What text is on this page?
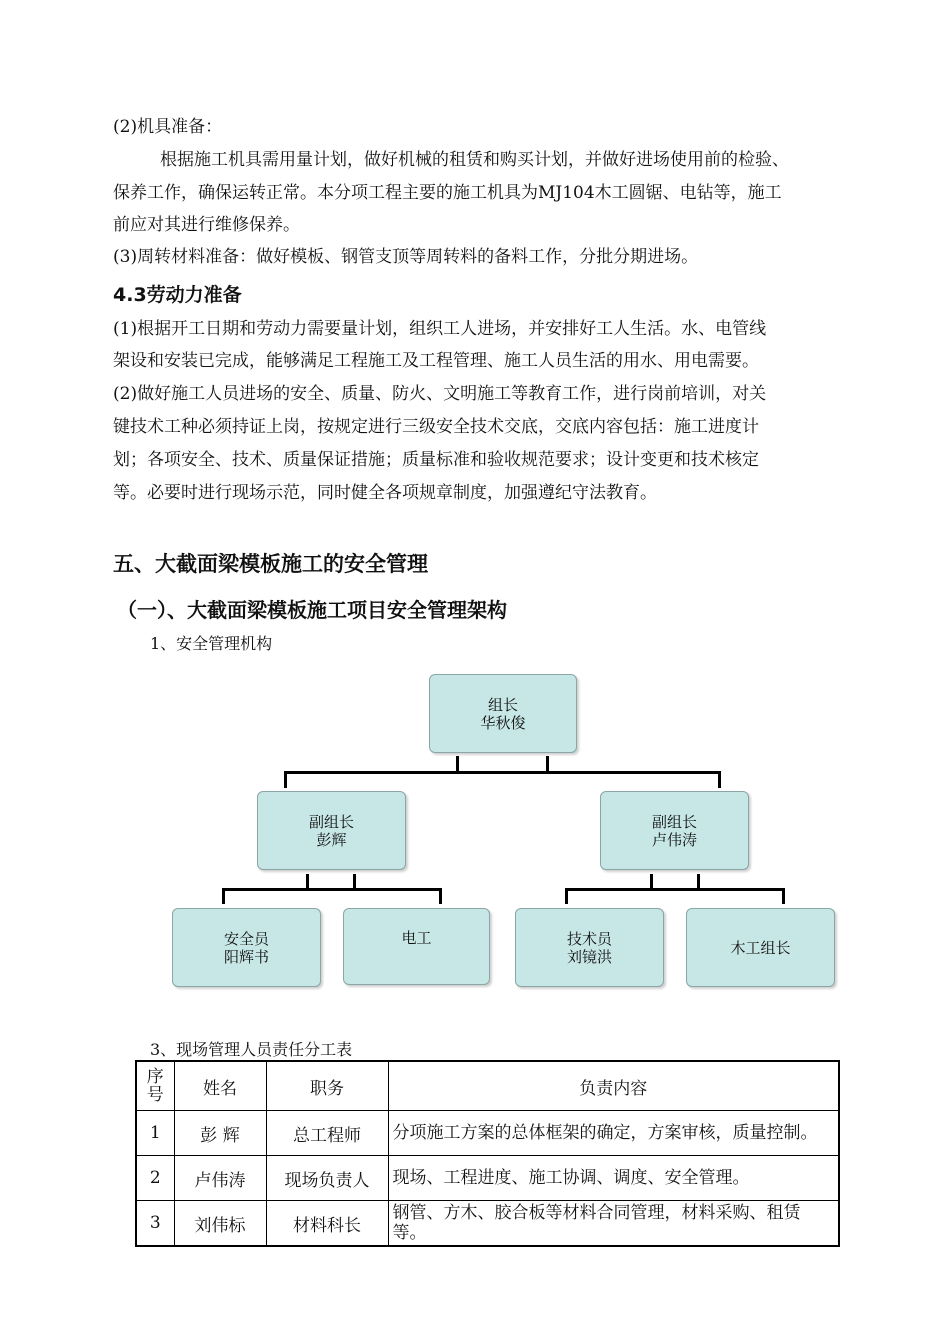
(2)机具准备：
根据施工机具需用量计划，做好机械的租赁和购买计划，并做好进场使用前的检验、
保养工作，确保运转正常。本分项工程主要的施工机具为MJ104木工圆锯、电钻等，施工
前应对其进行维修保养。
(3)周转材料准备：做好模板、钢管支顶等周转料的备料工作，分批分期进场。
4.3劳动力准备
(1)根据开工日期和劳动力需要量计划，组织工人进场，并安排好工人生活。水、电管线
架设和安装已完成，能够满足工程施工及工程管理、施工人员生活的用水、用电需要。
(2)做好施工人员进场的安全、质量、防火、文明施工等教育工作，进行岗前培训，对关
键技术工种必须持证上岗，按规定进行三级安全技术交底，交底内容包括：施工进度计
划；各项安全、技术、质量保证措施；质量标准和验收规范要求；设计变更和技术核定
等。必要时进行现场示范，同时健全各项规章制度，加强遵纪守法教育。
五、大截面梁模板施工的安全管理
（一）、大截面梁模板施工项目安全管理架构
1、安全管理机构
组长
华秋俊
副组长
彭辉
副组长
卢伟涛
安全员
阳辉书
电工	技术员
刘镜洪	木工组长
3、现场管理人员责任分工表
序号	姓名	职务	负责内容
1	彭 辉	总工程师	分项施工方案的总体框架的确定，方案审核，质量控制。
2	卢伟涛	现场负责人	现场、工程进度、施工协调、调度、安全管理。
3	刘伟标	材料科长	钢管、方木、胶合板等材料合同管理，材料采购、租赁等。
